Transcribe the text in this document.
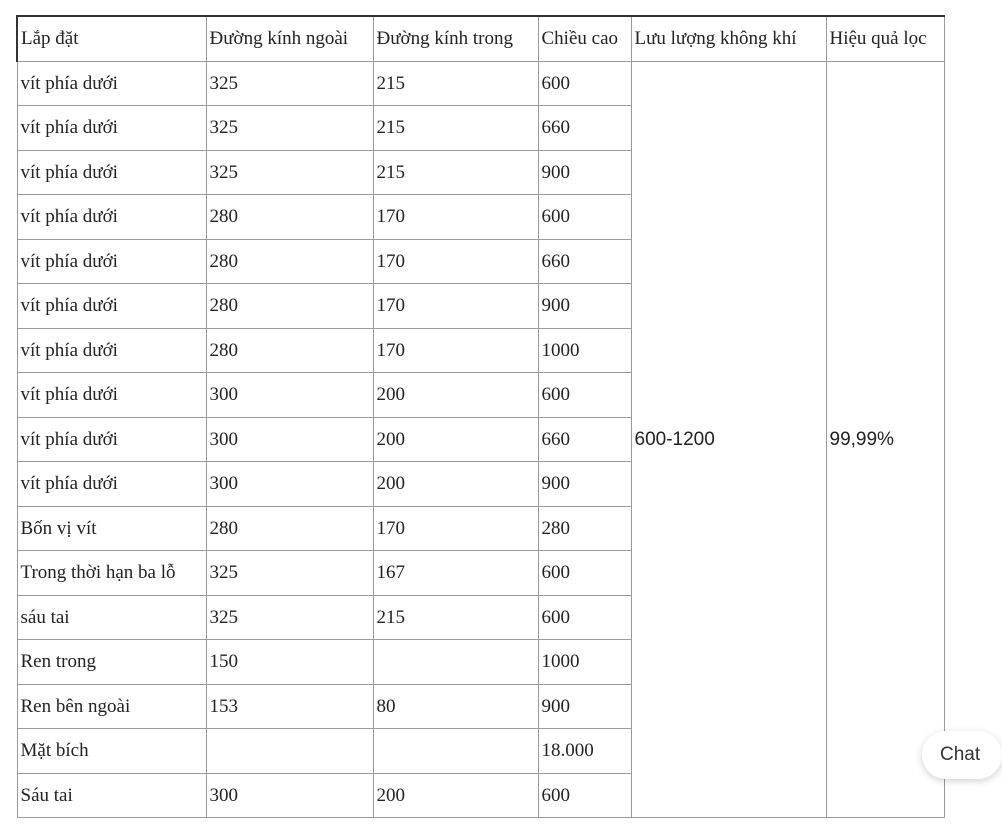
Lắp đặt	Đường kính ngoài	Đường kính trong	Chiều cao	Lưu lượng không khí	Hiệu quả lọc
vít phía dưới	325	215	600	600-1200	99,99%
vít phía dưới	325	215	660		
vít phía dưới	325	215	900		
vít phía dưới	280	170	600		
vít phía dưới	280	170	660		
vít phía dưới	280	170	900		
vít phía dưới	280	170	1000		
vít phía dưới	300	200	600		
vít phía dưới	300	200	660		
vít phía dưới	300	200	900		
Bốn vị vít	280	170	280		
Trong thời hạn ba lỗ	325	167	600		
sáu tai	325	215	600		
Ren trong	150		1000		
Ren bên ngoài	153	80	900		
Mặt bích			18.000		
Sáu tai	300	200	600		
Chat
